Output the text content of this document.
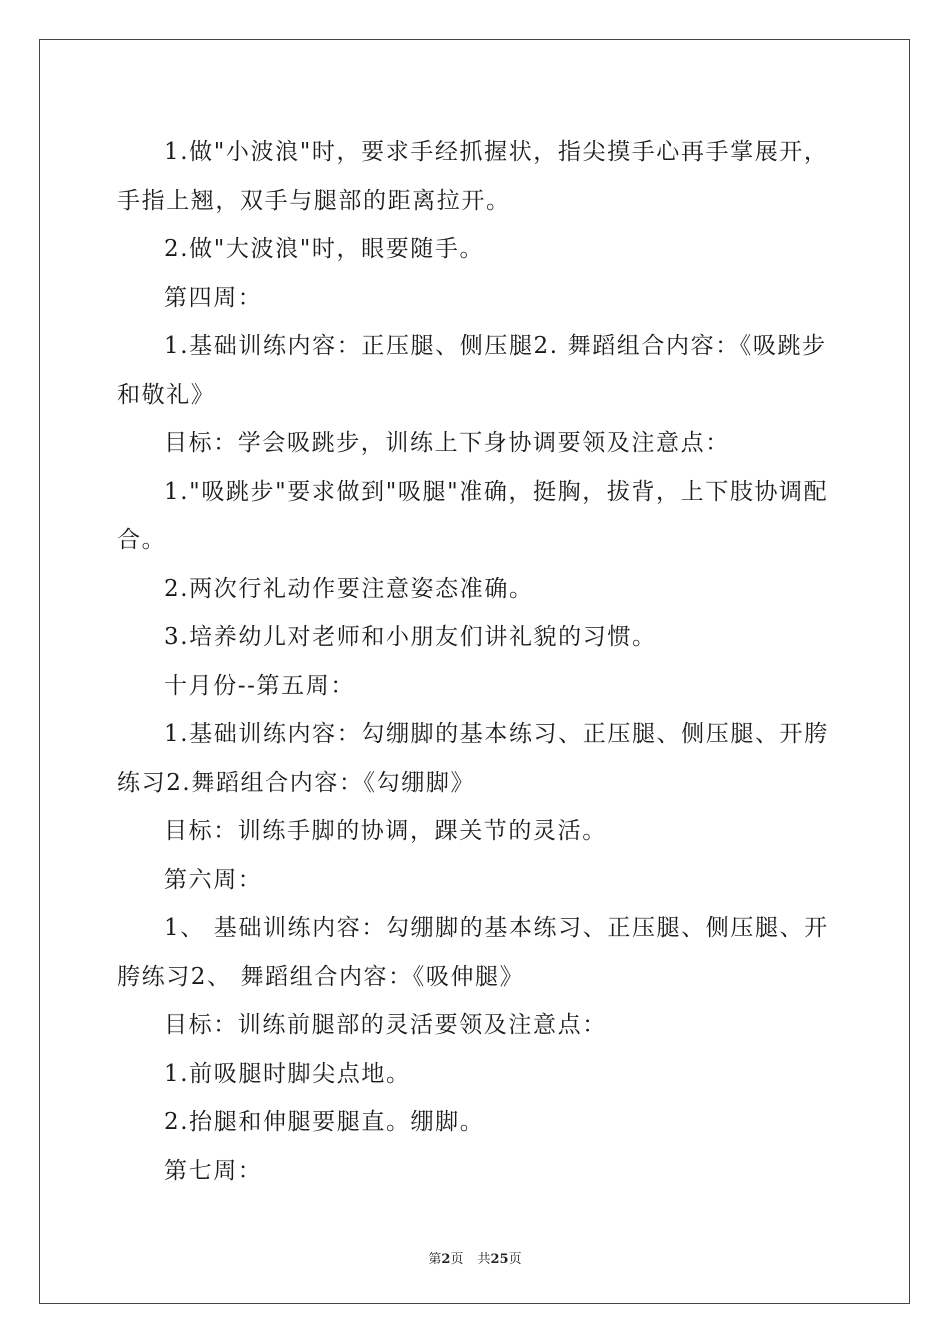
1.做"小波浪"时，要求手经抓握状，指尖摸手心再手掌展开，手指上翘，双手与腿部的距离拉开。

2.做"大波浪"时，眼要随手。

第四周：

1.基础训练内容：正压腿、侧压腿2. 舞蹈组合内容：《吸跳步和敬礼》

目标：学会吸跳步，训练上下身协调要领及注意点：

1."吸跳步"要求做到"吸腿"准确，挺胸，拔背，上下肢协调配合。

2.两次行礼动作要注意姿态准确。

3.培养幼儿对老师和小朋友们讲礼貌的习惯。

十月份--第五周：

1.基础训练内容：勾绷脚的基本练习、正压腿、侧压腿、开胯练习2.舞蹈组合内容：《勾绷脚》

目标：训练手脚的协调，踝关节的灵活。

第六周：

1、 基础训练内容：勾绷脚的基本练习、正压腿、侧压腿、开胯练习2、 舞蹈组合内容：《吸伸腿》

目标：训练前腿部的灵活要领及注意点：

1.前吸腿时脚尖点地。

2.抬腿和伸腿要腿直。绷脚。

第七周：

第2页 共25页
